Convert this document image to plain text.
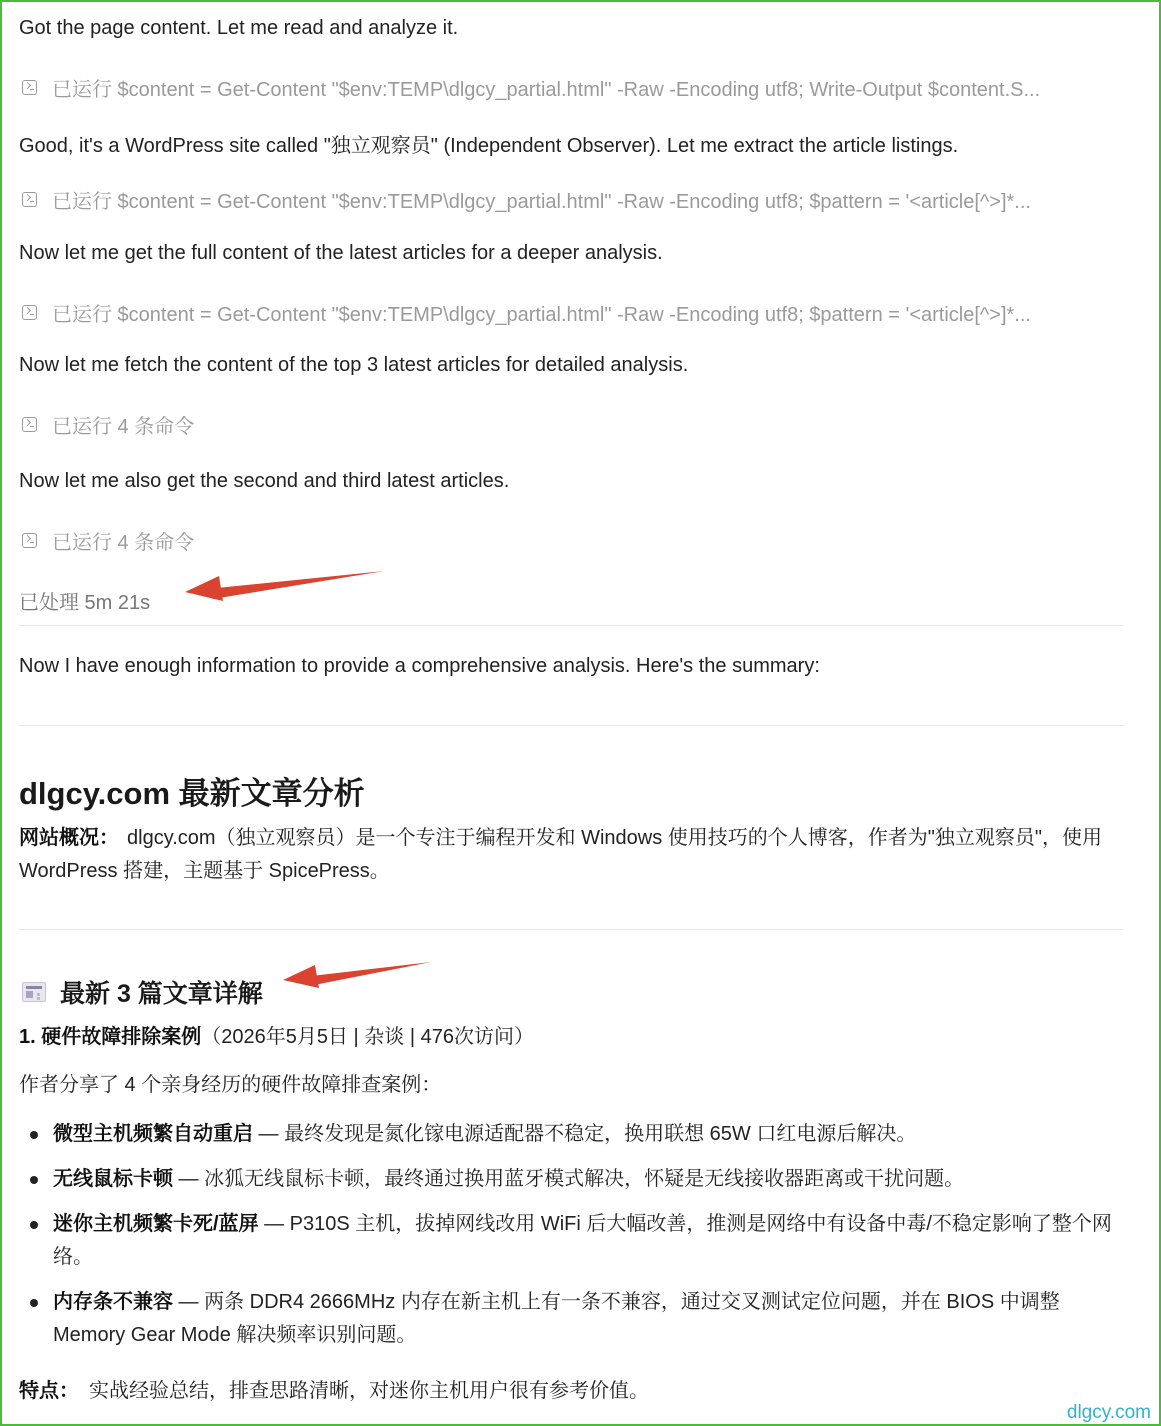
Got the page content. Let me read and analyze it.
已运行 $content = Get-Content "$env:TEMP\dlgcy_partial.html" -Raw -Encoding utf8; Write-Output $content.S...
Good, it's a WordPress site called "独立观察员" (Independent Observer). Let me extract the article listings.
已运行 $content = Get-Content "$env:TEMP\dlgcy_partial.html" -Raw -Encoding utf8; $pattern = '<article[^>]*...
Now let me get the full content of the latest articles for a deeper analysis.
已运行 $content = Get-Content "$env:TEMP\dlgcy_partial.html" -Raw -Encoding utf8; $pattern = '<article[^>]*...
Now let me fetch the content of the top 3 latest articles for detailed analysis.
已运行 4 条命令
Now let me also get the second and third latest articles.
已运行 4 条命令
已处理 5m 21s
Now I have enough information to provide a comprehensive analysis. Here's the summary:
dlgcy.com 最新文章分析
网站概况： dlgcy.com（独立观察员）是一个专注于编程开发和 Windows 使用技巧的个人博客，作者为"独立观察员"，使用 WordPress 搭建，主题基于 SpicePress。
最新 3 篇文章详解
1. 硬件故障排除案例（2026年5月5日 | 杂谈 | 476次访问）
作者分享了 4 个亲身经历的硬件故障排查案例：
微型主机频繁自动重启 — 最终发现是氮化镓电源适配器不稳定，换用联想 65W 口红电源后解决。
无线鼠标卡顿 — 冰狐无线鼠标卡顿，最终通过换用蓝牙模式解决，怀疑是无线接收器距离或干扰问题。
迷你主机频繁卡死/蓝屏 — P310S 主机，拔掉网线改用 WiFi 后大幅改善，推测是网络中有设备中毒/不稳定影响了整个网络。
内存条不兼容 — 两条 DDR4 2666MHz 内存在新主机上有一条不兼容，通过交叉测试定位问题，并在 BIOS 中调整 Memory Gear Mode 解决频率识别问题。
特点： 实战经验总结，排查思路清晰，对迷你主机用户很有参考价值。
dlgcy.com
